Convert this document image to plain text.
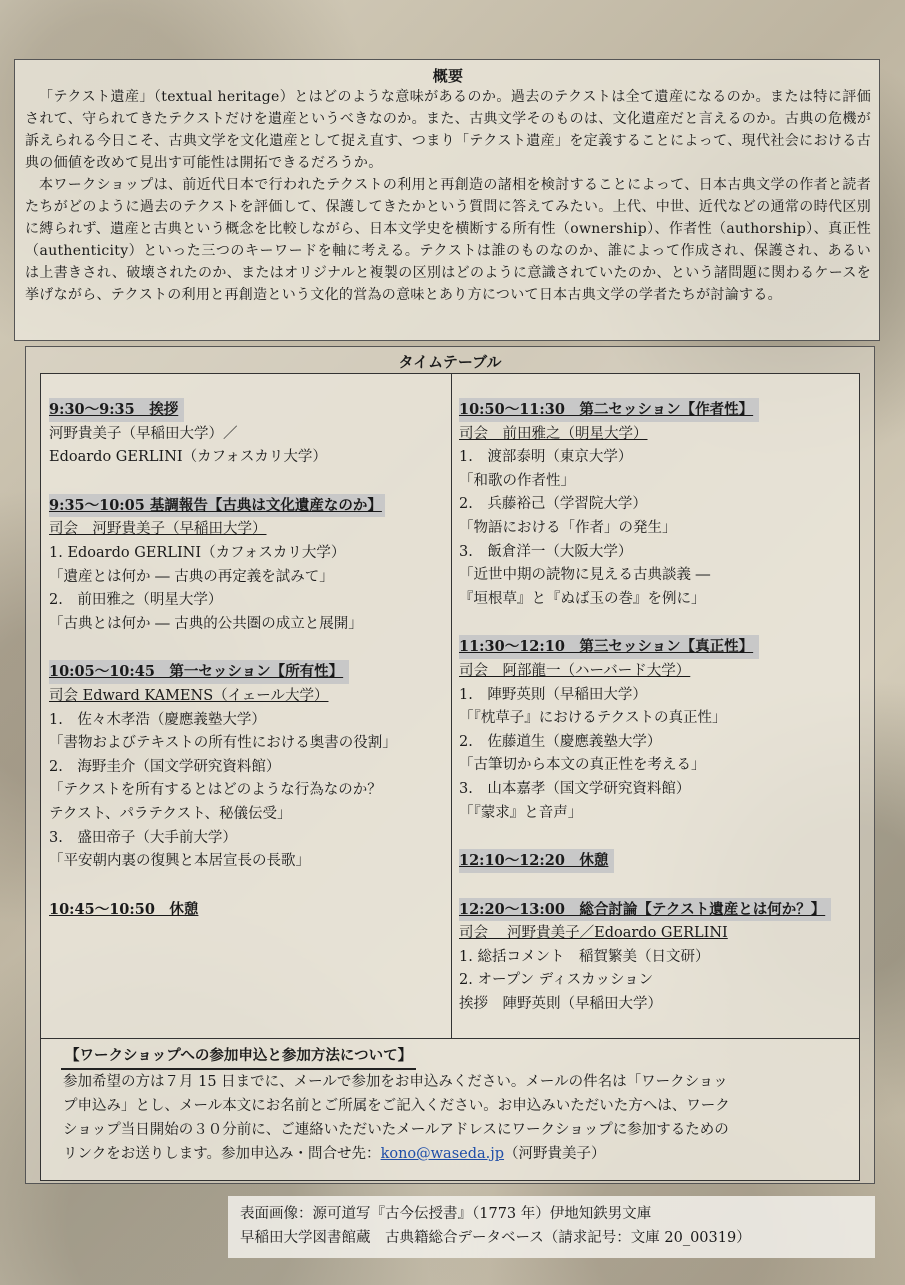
概要

「テクスト遺産」（textual heritage）とはどのような意味があるのか。過去のテクストは全て遺産になるのか。または特に評価されて、守られてきたテクストだけを遺産というべきなのか。また、古典文学そのものは、文化遺産だと言えるのか。古典の危機が訴えられる今日こそ、古典文学を文化遺産として捉え直す、つまり「テクスト遺産」を定義することによって、現代社会における古典の価値を改めて見出す可能性は開拓できるだろうか。

本ワークショップは、前近代日本で行われたテクストの利用と再創造の諸相を検討することによって、日本古典文学の作者と読者たちがどのように過去のテクストを評価して、保護してきたかという質問に答えてみたい。上代、中世、近代などの通常の時代区別に縛られず、遺産と古典という概念を比較しながら、日本文学史を横断する所有性（ownership）、作者性（authorship）、真正性（authenticity）といった三つのキーワードを軸に考える。テクストは誰のものなのか、誰によって作成され、保護され、あるいは上書きされ、破壊されたのか、またはオリジナルと複製の区別はどのように意識されていたのか、という諸問題に関わるケースを挙げながら、テクストの利用と再創造という文化的営為の意味とあり方について日本古典文学の学者たちが討論する。

タイムテーブル
9:30〜9:35　挨拶
河野貴美子（早稲田大学）／
Edoardo GERLINI（カフォスカリ大学）
9:35〜10:05 基調報告【古典は文化遺産なのか】
司会　河野貴美子（早稲田大学）
1. Edoardo GERLINI（カフォスカリ大学）
「遺産とは何か ― 古典の再定義を試みて」
2.　前田雅之（明星大学）
「古典とは何か ― 古典的公共圏の成立と展開」
10:05〜10:45　第一セッション【所有性】
司会 Edward KAMENS（イェール大学）
1.　佐々木孝浩（慶應義塾大学）
「書物およびテキストの所有性における奥書の役割」
2.　海野圭介（国文学研究資料館）
「テクストを所有するとはどのような行為なのか？
テクスト、パラテクスト、秘儀伝受」
3.　盛田帝子（大手前大学）
「平安朝内裏の復興と本居宣長の長歌」
10:45〜10:50　休憩
10:50〜11:30　第二セッション【作者性】
司会　前田雅之（明星大学）
1.　渡部泰明（東京大学）
「和歌の作者性」
2.　兵藤裕己（学習院大学）
「物語における「作者」の発生」
3.　飯倉洋一（大阪大学）
「近世中期の読物に見える古典談義 ―
『垣根草』と『ぬば玉の巻』を例に」
11:30〜12:10　第三セッション【真正性】
司会　阿部龍一（ハーバード大学）
1.　陣野英則（早稲田大学）
「『枕草子』におけるテクストの真正性」
2.　佐藤道生（慶應義塾大学）
「古筆切から本文の真正性を考える」
3.　山本嘉孝（国文学研究資料館）
「『蒙求』と音声」
12:10〜12:20　休憩
12:20〜13:00　総合討論【テクスト遺産とは何か？】
司会　 河野貴美子／Edoardo GERLINI
1. 総括コメント　稲賀繁美（日文研）
2. オープン ディスカッション
挨拶　陣野英則（早稲田大学）
【ワークショップへの参加申込と参加方法について】

参加希望の方は７月 15 日までに、メールで参加をお申込みください。メールの件名は「ワークショッ

プ申込み」とし、メール本文にお名前とご所属をご記入ください。お申込みいただいた方へは、ワーク

ショップ当日開始の３０分前に、ご連絡いただいたメールアドレスにワークショップに参加するための

リンクをお送りします。参加申込み・問合せ先：kono@waseda.jp（河野貴美子）

表面画像：源可道写『古今伝授書』（1773 年）伊地知鉄男文庫
早稲田大学図書館蔵　古典籍総合データベース（請求記号：文庫 20_00319）
